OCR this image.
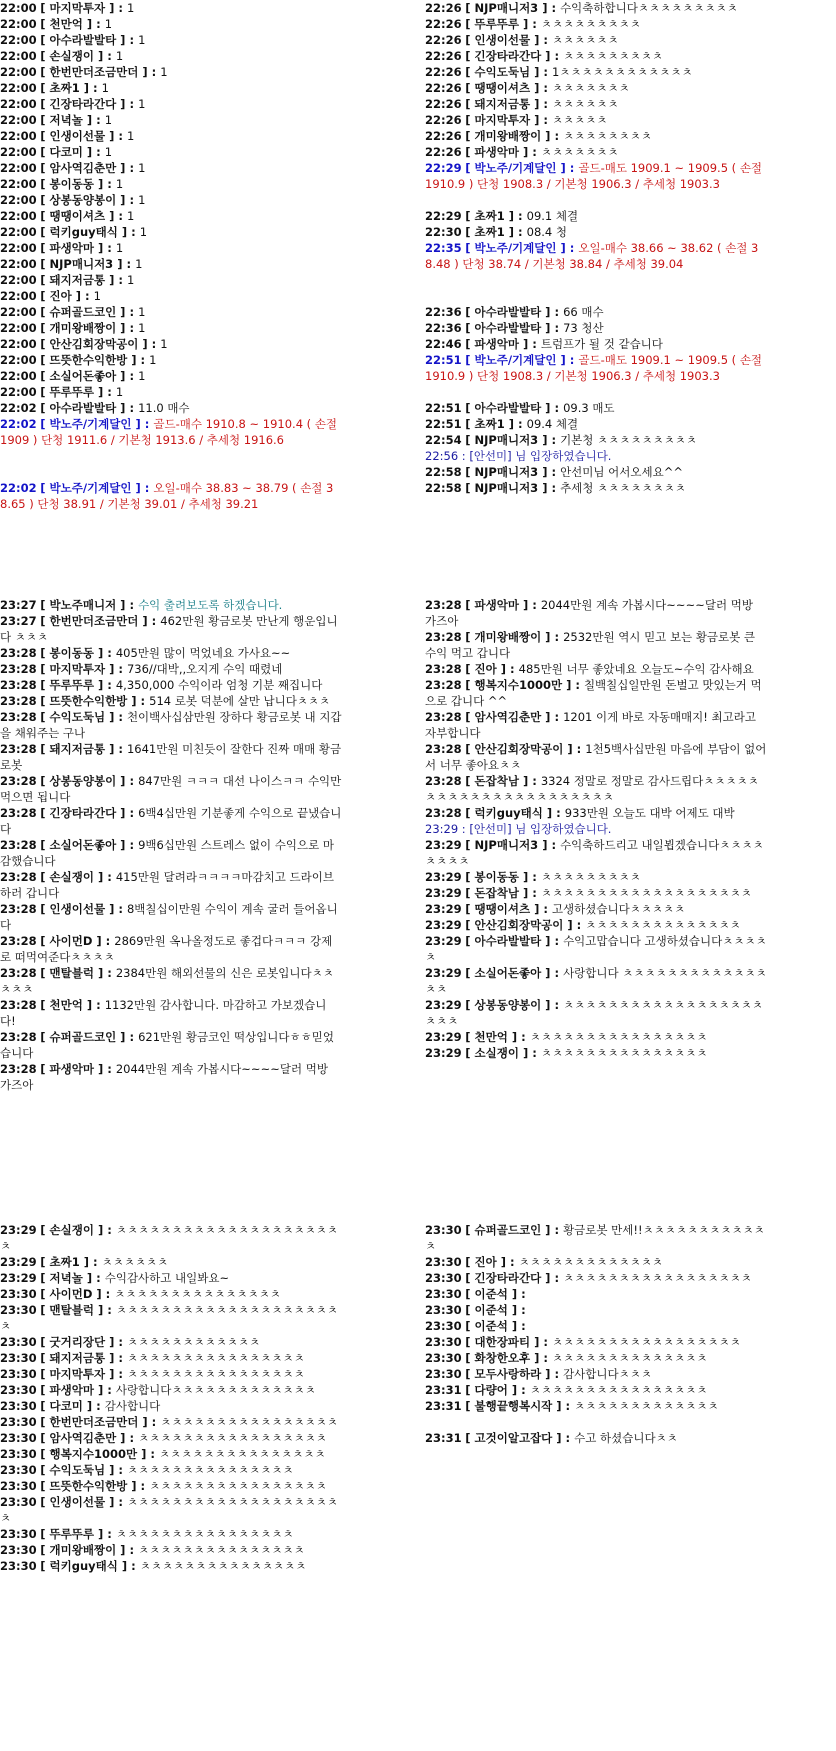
22:00 [ 마지막투자 ] : 1
22:00 [ 천만억 ] : 1
22:00 [ 아수라발발타 ] : 1
22:00 [ 손실쟁이 ] : 1
22:00 [ 한번만더조금만더 ] : 1
22:00 [ 초짜1 ] : 1
22:00 [ 긴장타라간다 ] : 1
22:00 [ 저녁놀 ] : 1
22:00 [ 인생이선물 ] : 1
22:00 [ 다코미 ] : 1
22:00 [ 암사역김춘만 ] : 1
22:00 [ 봉이동동 ] : 1
22:00 [ 상봉동양봉이 ] : 1
22:00 [ 땡땡이셔츠 ] : 1
22:00 [ 럭키guy태식 ] : 1
22:00 [ 파생악마 ] : 1
22:00 [ NJP매니저3 ] : 1
22:00 [ 돼지저금통 ] : 1
22:00 [ 진아 ] : 1
22:00 [ 슈퍼골드코인 ] : 1
22:00 [ 개미왕배짱이 ] : 1
22:00 [ 안산김회장막공이 ] : 1
22:00 [ 뜨뜻한수익한방 ] : 1
22:00 [ 소실어돈좋아 ] : 1
22:00 [ 뚜루뚜루 ] : 1
22:02 [ 아수라발발타 ] : 11.0 매수
22:02 [ 박노주/기계달인 ] : 골드-매수 1910.8 ~ 1910.4 ( 손절 1909 ) 단청 1911.6 / 기본청 1913.6 / 추세청 1916.6
22:02 [ 박노주/기계달인 ] : 오일-매수 38.83 ~ 38.79 ( 손절 38.65 ) 단청 38.91 / 기본청 39.01 / 추세청 39.21
22:26 [ NJP매니저3 ] : 수익축하합니다ㅊㅊㅊㅊㅊㅊㅊㅊㅊ
22:26 [ 뚜루뚜루 ] : ㅊㅊㅊㅊㅊㅊㅊㅊㅊ
22:26 [ 인생이선물 ] : ㅊㅊㅊㅊㅊㅊ
22:26 [ 긴장타라간다 ] : ㅊㅊㅊㅊㅊㅊㅊㅊㅊ
22:26 [ 수익도둑님 ] : 1ㅊㅊㅊㅊㅊㅊㅊㅊㅊㅊㅊㅊ
22:26 [ 땡땡이셔츠 ] : ㅊㅊㅊㅊㅊㅊㅊ
22:26 [ 돼지저금통 ] : ㅊㅊㅊㅊㅊㅊ
22:26 [ 마지막투자 ] : ㅊㅊㅊㅊㅊ
22:26 [ 개미왕배짱이 ] : ㅊㅊㅊㅊㅊㅊㅊㅊ
22:26 [ 파생악마 ] : ㅊㅊㅊㅊㅊㅊㅊ
22:29 [ 박노주/기계달인 ] : 골드-매도 1909.1 ~ 1909.5 ( 손절 1910.9 ) 단청 1908.3 / 기본청 1906.3 / 추세청 1903.3
22:29 [ 초짜1 ] : 09.1 체결
22:30 [ 초짜1 ] : 08.4 청
22:35 [ 박노주/기계달인 ] : 오일-매수 38.66 ~ 38.62 ( 손절 38.48 ) 단청 38.74 / 기본청 38.84 / 추세청 39.04
22:36 [ 아수라발발타 ] : 66 매수
22:36 [ 아수라발발타 ] : 73 청산
22:46 [ 파생악마 ] : 트럼프가 될 것 같습니다
22:51 [ 박노주/기계달인 ] : 골드-매도 1909.1 ~ 1909.5 ( 손절 1910.9 ) 단청 1908.3 / 기본청 1906.3 / 추세청 1903.3
22:51 [ 아수라발발타 ] : 09.3 매도
22:51 [ 초짜1 ] : 09.4 체결
22:54 [ NJP매니저3 ] : 기본청 ㅊㅊㅊㅊㅊㅊㅊㅊㅊ
22:56 : [안선미] 님 입장하였습니다.
22:58 [ NJP매니저3 ] : 안선미님 어서오세요^^
22:58 [ NJP매니저3 ] : 추세청 ㅊㅊㅊㅊㅊㅊㅊㅊ
23:27 [ 박노주매니저 ] : 수익 출려보도록 하겠습니다.
23:27 [ 한번만더조금만더 ] : 462만원 황금로봇 만난게 행운입니다 ㅊㅊㅊ
23:28 [ 봉이동동 ] : 405만원 많이 먹었네요 가사요~~
23:28 [ 마지막투자 ] : 736//대박,,오지게 수익 때렸네
23:28 [ 뚜루뚜루 ] : 4,350,000 수익이라 엄청 기분 째집니다
23:28 [ 뜨뜻한수익한방 ] : 514 로봇 덕분에 살만 납니다ㅊㅊㅊ
23:28 [ 수익도둑님 ] : 천이백사십삼만원 장하다 황금로봇 내 지갑을 채워주는 구나
23:28 [ 돼지저금통 ] : 1641만원 미친듯이 잘한다 진짜 매매 황금로봇
23:28 [ 상봉동양봉이 ] : 847만원 ㅋㅋㅋ 대선 나이스ㅋㅋ 수익만 먹으면 됩니다
23:28 [ 긴장타라간다 ] : 6백4십만원 기분좋게 수익으로 끝냈습니다
23:28 [ 소실어돈좋아 ] : 9백6십만원 스트레스 없이 수익으로 마감했습니다
23:28 [ 손실쟁이 ] : 415만원 달려라ㅋㅋㅋㅋ마감치고 드라이브하러 갑니다
23:28 [ 인생이선물 ] : 8백칠십이만원 수익이 계속 굴러 들어옵니다
23:28 [ 사이먼D ] : 2869만원 옥나올정도로 좋겁다ㅋㅋㅋ 강제로 떠먹여준다ㅊㅊㅊㅊ
23:28 [ 맨탈블럭 ] : 2384만원 해외선물의 신은 로봇입니다ㅊㅊㅊㅊㅊ
23:28 [ 천만억 ] : 1132만원 감사합니다. 마감하고 가보겠습니다!
23:28 [ 슈퍼골드코인 ] : 621만원 황금코인 떡상입니다ㅎㅎ믿었습니다
23:28 [ 파생악마 ] : 2044만원 계속 가봅시다~~~~달러 먹방 가즈아
23:28 [ 파생악마 ] : 2044만원 계속 가봅시다~~~~달러 먹방 가즈아
23:28 [ 개미왕배짱이 ] : 2532만원 역시 믿고 보는 황금로봇 큰 수익 먹고 갑니다
23:28 [ 진아 ] : 485만원 너무 좋았네요 오늘도~수익 감사해요
23:28 [ 행복지수1000만 ] : 칠백칠십일만원 돈벌고 맛있는거 먹으로 갑니다 ^^
23:28 [ 암사역김춘만 ] : 1201 이게 바로 자동매매지! 최고라고 자부합니다
23:28 [ 안산김회장막공이 ] : 1천5백사십만원 마음에 부담이 없어서 너무 좋아요ㅊㅊ
23:28 [ 돈잡착남 ] : 3324 정말로 정말로 감사드립다ㅊㅊㅊㅊㅊㅊㅊㅊㅊㅊㅊㅊㅊㅊㅊㅊㅊㅊㅊㅊㅊㅊ
23:28 [ 럭키guy태식 ] : 933만원 오늘도 대박 어제도 대박
23:29 : [안선미] 님 입장하였습니다.
23:29 [ NJP매니저3 ] : 수익축하드리고 내일뵙겠습니다ㅊㅊㅊㅊㅊㅊㅊㅊ
23:29 [ 봉이동동 ] : ㅊㅊㅊㅊㅊㅊㅊㅊㅊ
23:29 [ 돈잡착남 ] : ㅊㅊㅊㅊㅊㅊㅊㅊㅊㅊㅊㅊㅊㅊㅊㅊㅊㅊㅊ
23:29 [ 땡땡이셔츠 ] : 고생하셨습니다ㅊㅊㅊㅊㅊ
23:29 [ 안산김회장막공이 ] : ㅊㅊㅊㅊㅊㅊㅊㅊㅊㅊㅊㅊㅊㅊ
23:29 [ 아수라발발타 ] : 수익고맙습니다 고생하셨습니다ㅊㅊㅊㅊㅊ
23:29 [ 소실어돈좋아 ] : 사랑합니다 ㅊㅊㅊㅊㅊㅊㅊㅊㅊㅊㅊㅊㅊㅊㅊ
23:29 [ 상봉동양봉이 ] : ㅊㅊㅊㅊㅊㅊㅊㅊㅊㅊㅊㅊㅊㅊㅊㅊㅊㅊㅊㅊㅊ
23:29 [ 천만억 ] : ㅊㅊㅊㅊㅊㅊㅊㅊㅊㅊㅊㅊㅊㅊㅊㅊ
23:29 [ 소실쟁이 ] : ㅊㅊㅊㅊㅊㅊㅊㅊㅊㅊㅊㅊㅊㅊㅊ
23:29 [ 손실쟁이 ] : ㅊㅊㅊㅊㅊㅊㅊㅊㅊㅊㅊㅊㅊㅊㅊㅊㅊㅊㅊㅊㅊ
23:29 [ 초짜1 ] : ㅊㅊㅊㅊㅊㅊ
23:29 [ 저녁놀 ] : 수익감사하고 내일봐요~
23:30 [ 사이먼D ] : ㅊㅊㅊㅊㅊㅊㅊㅊㅊㅊㅊㅊㅊㅊㅊ
23:30 [ 맨탈블럭 ] : ㅊㅊㅊㅊㅊㅊㅊㅊㅊㅊㅊㅊㅊㅊㅊㅊㅊㅊㅊㅊㅊ
23:30 [ 굿거리장단 ] : ㅊㅊㅊㅊㅊㅊㅊㅊㅊㅊㅊㅊ
23:30 [ 돼지저금통 ] : ㅊㅊㅊㅊㅊㅊㅊㅊㅊㅊㅊㅊㅊㅊㅊㅊ
23:30 [ 마지막투자 ] : ㅊㅊㅊㅊㅊㅊㅊㅊㅊㅊㅊㅊㅊㅊㅊㅊ
23:30 [ 파생악마 ] : 사랑합니다ㅊㅊㅊㅊㅊㅊㅊㅊㅊㅊㅊㅊㅊ
23:30 [ 다코미 ] : 감사합니다
23:30 [ 한번만더조금만더 ] : ㅊㅊㅊㅊㅊㅊㅊㅊㅊㅊㅊㅊㅊㅊㅊㅊ
23:30 [ 암사역김춘만 ] : ㅊㅊㅊㅊㅊㅊㅊㅊㅊㅊㅊㅊㅊㅊㅊㅊㅊ
23:30 [ 행복지수1000만 ] : ㅊㅊㅊㅊㅊㅊㅊㅊㅊㅊㅊㅊㅊㅊㅊ
23:30 [ 수익도둑님 ] : ㅊㅊㅊㅊㅊㅊㅊㅊㅊㅊㅊㅊㅊㅊㅊ
23:30 [ 뜨뜻한수익한방 ] : ㅊㅊㅊㅊㅊㅊㅊㅊㅊㅊㅊㅊㅊㅊㅊㅊ
23:30 [ 인생이선물 ] : ㅊㅊㅊㅊㅊㅊㅊㅊㅊㅊㅊㅊㅊㅊㅊㅊㅊㅊㅊㅊ
23:30 [ 뚜루뚜루 ] : ㅊㅊㅊㅊㅊㅊㅊㅊㅊㅊㅊㅊㅊㅊㅊㅊ
23:30 [ 개미왕배짱이 ] : ㅊㅊㅊㅊㅊㅊㅊㅊㅊㅊㅊㅊㅊㅊㅊ
23:30 [ 럭키guy태식 ] : ㅊㅊㅊㅊㅊㅊㅊㅊㅊㅊㅊㅊㅊㅊㅊ
23:30 [ 슈퍼골드코인 ] : 황금로봇 만세!!ㅊㅊㅊㅊㅊㅊㅊㅊㅊㅊㅊㅊ
23:30 [ 진아 ] : ㅊㅊㅊㅊㅊㅊㅊㅊㅊㅊㅊㅊㅊ
23:30 [ 긴장타라간다 ] : ㅊㅊㅊㅊㅊㅊㅊㅊㅊㅊㅊㅊㅊㅊㅊㅊㅊ
23:30 [ 이준석 ] :
23:30 [ 이준석 ] :
23:30 [ 이준석 ] :
23:30 [ 대한장파티 ] : ㅊㅊㅊㅊㅊㅊㅊㅊㅊㅊㅊㅊㅊㅊㅊㅊㅊ
23:30 [ 화창한오후 ] : ㅊㅊㅊㅊㅊㅊㅊㅊㅊㅊㅊㅊㅊㅊ
23:30 [ 모두사랑하라 ] : 감사합니다ㅊㅊㅊ
23:31 [ 다량어 ] : ㅊㅊㅊㅊㅊㅊㅊㅊㅊㅊㅊㅊㅊㅊㅊㅊ
23:31 [ 불행끝행복시작 ] : ㅊㅊㅊㅊㅊㅊㅊㅊㅊㅊㅊㅊㅊ
23:31 [ 고것이알고잡다 ] : 수고 하셨습니다ㅊㅊ
